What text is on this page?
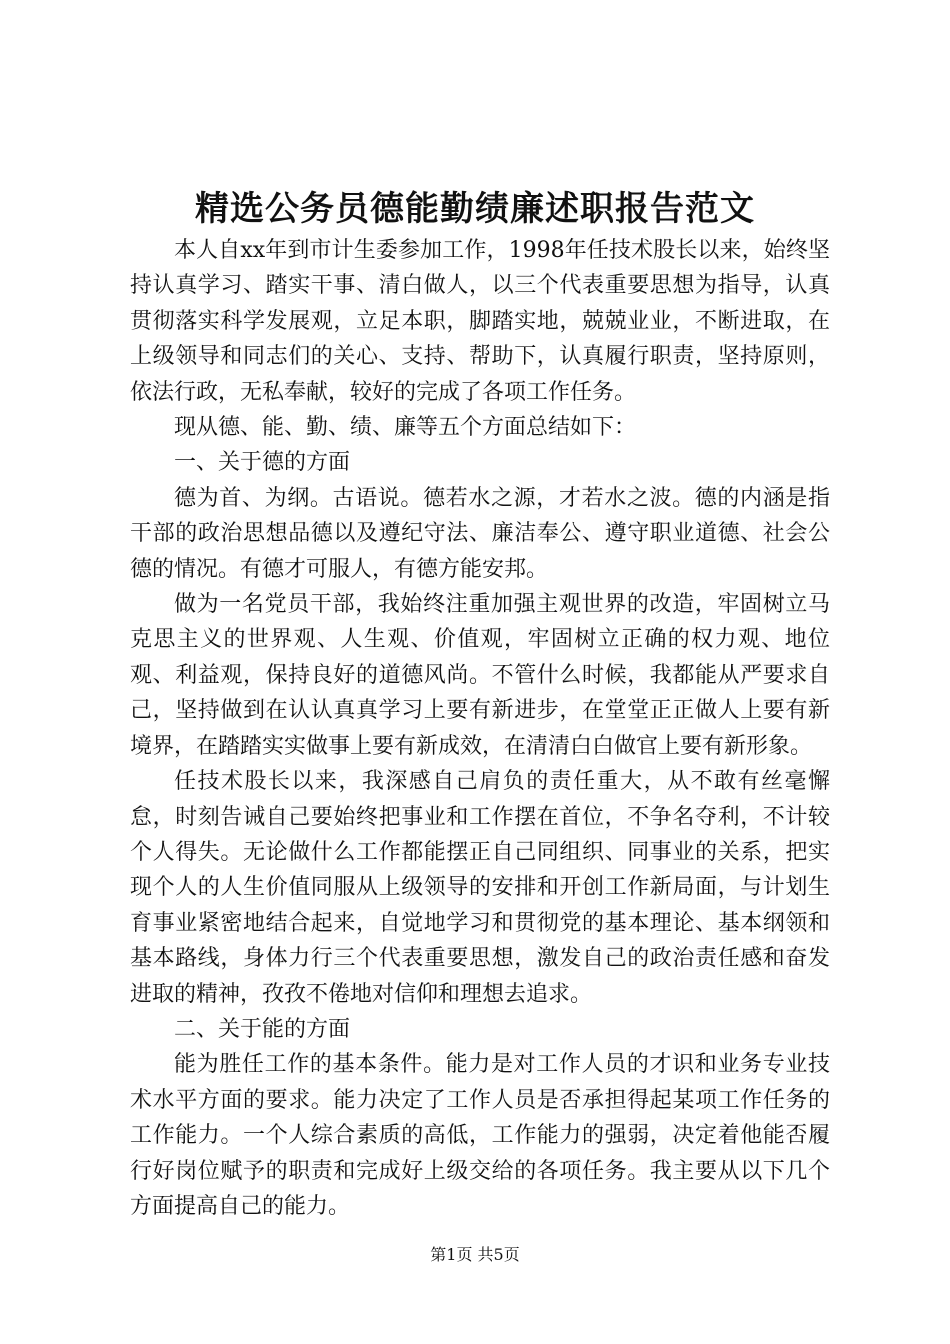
精选公务员德能勤绩廉述职报告范文

本人自xx年到市计生委参加工作，1998年任技术股长以来，始终坚持认真学习、踏实干事、清白做人，以三个代表重要思想为指导，认真贯彻落实科学发展观，立足本职，脚踏实地，兢兢业业，不断进取，在上级领导和同志们的关心、支持、帮助下，认真履行职责，坚持原则，依法行政，无私奉献，较好的完成了各项工作任务。

现从德、能、勤、绩、廉等五个方面总结如下：

一、关于德的方面

德为首、为纲。古语说。德若水之源，才若水之波。德的内涵是指干部的政治思想品德以及遵纪守法、廉洁奉公、遵守职业道德、社会公德的情况。有德才可服人，有德方能安邦。

做为一名党员干部，我始终注重加强主观世界的改造，牢固树立马克思主义的世界观、人生观、价值观，牢固树立正确的权力观、地位观、利益观，保持良好的道德风尚。不管什么时候，我都能从严要求自己，坚持做到在认认真真学习上要有新进步，在堂堂正正做人上要有新境界，在踏踏实实做事上要有新成效，在清清白白做官上要有新形象。

任技术股长以来，我深感自己肩负的责任重大，从不敢有丝毫懈怠，时刻告诫自己要始终把事业和工作摆在首位，不争名夺利，不计较个人得失。无论做什么工作都能摆正自己同组织、同事业的关系，把实现个人的人生价值同服从上级领导的安排和开创工作新局面，与计划生育事业紧密地结合起来，自觉地学习和贯彻党的基本理论、基本纲领和基本路线，身体力行三个代表重要思想，激发自己的政治责任感和奋发进取的精神，孜孜不倦地对信仰和理想去追求。

二、关于能的方面

能为胜任工作的基本条件。能力是对工作人员的才识和业务专业技术水平方面的要求。能力决定了工作人员是否承担得起某项工作任务的工作能力。一个人综合素质的高低，工作能力的强弱，决定着他能否履行好岗位赋予的职责和完成好上级交给的各项任务。我主要从以下几个方面提高自己的能力。

第1页 共5页
